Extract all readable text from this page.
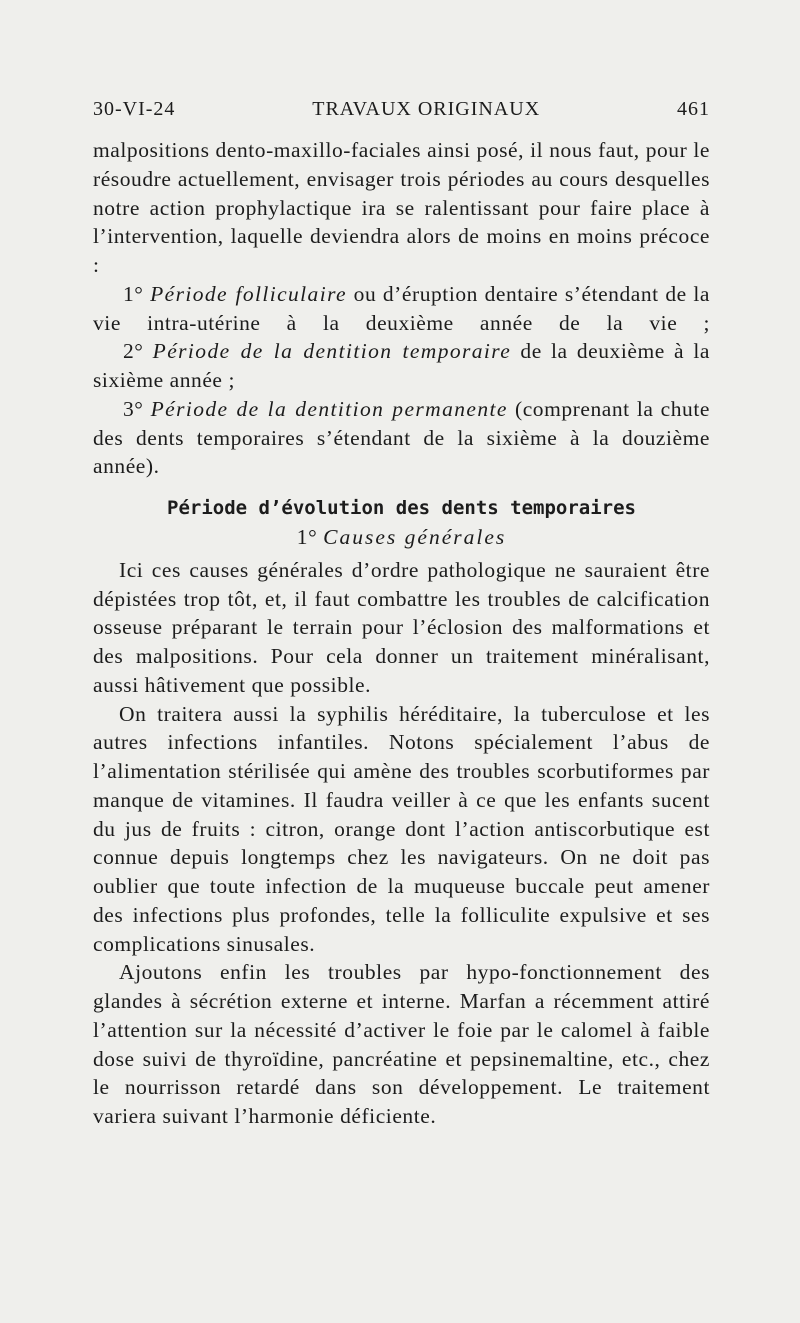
30-VI-24	TRAVAUX ORIGINAUX	461

malpositions dento-maxillo-faciales ainsi posé, il nous faut, pour le résoudre actuellement, envisager trois périodes au cours desquelles notre action prophylactique ira se ralentissant pour faire place à l’intervention, laquelle deviendra alors de moins en moins précoce :

1° Période folliculaire ou d’éruption dentaire s’étendant de la vie intra-utérine à la deuxième année de la vie ;

2° Période de la dentition temporaire de la deuxième à la sixième année ;

3° Période de la dentition permanente (comprenant la chute des dents temporaires s’étendant de la sixième à la douzième année).

Période d’évolution des dents temporaires
1° Causes générales

Ici ces causes générales d’ordre pathologique ne sauraient être dépistées trop tôt, et, il faut combattre les troubles de calcification osseuse préparant le terrain pour l’éclosion des malformations et des malpositions. Pour cela donner un traitement minéralisant, aussi hâtivement que possible.

On traitera aussi la syphilis héréditaire, la tuberculose et les autres infections infantiles. Notons spécialement l’abus de l’alimentation stérilisée qui amène des troubles scorbutiformes par manque de vitamines. Il faudra veiller à ce que les enfants sucent du jus de fruits : citron, orange dont l’action antiscorbutique est connue depuis longtemps chez les navigateurs. On ne doit pas oublier que toute infection de la muqueuse buccale peut amener des infections plus profondes, telle la folliculite expulsive et ses complications sinusales.

Ajoutons enfin les troubles par hypo-fonctionnement des glandes à sécrétion externe et interne. Marfan a récemment attiré l’attention sur la nécessité d’activer le foie par le calomel à faible dose suivi de thyroïdine, pancréatine et pepsinemaltine, etc., chez le nourrisson retardé dans son développement. Le traitement variera suivant l’harmonie déficiente.
